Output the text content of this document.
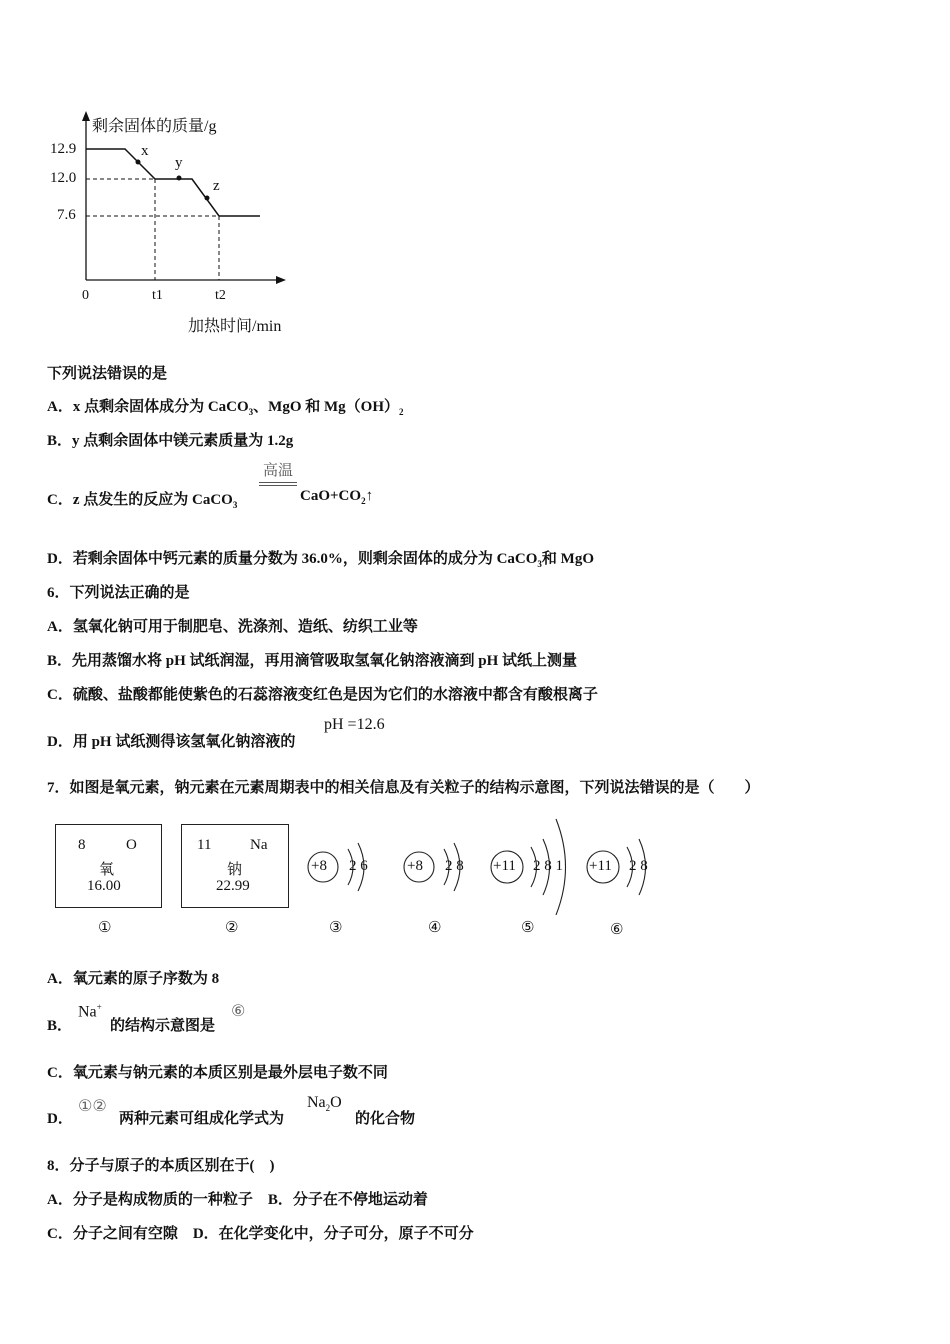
剩余固体的质量/g
12.9
12.0
7.6
x
y
z
0	t1	t2
加热时间/min
下列说法错误的是
A．x 点剩余固体成分为 CaCO$_3$、MgO 和 $Mg(OH)_2$
B．y 点剩余固体中镁元素质量为 1.2g
C．z 点发生的反应为 CaCO$_3$
高温
$CaO+CO_2↑$
D．若剩余固体中钙元素的质量分数为 36.0%，则剩余固体的成分为 CaCO$_3$和 MgO
6．下列说法正确的是
A．氢氧化钠可用于制肥皂、洗涤剂、造纸、纺织工业等
B．先用蒸馏水将 pH 试纸润湿，再用滴管吸取氢氧化钠溶液滴到 pH 试纸上测量
C．硫酸、盐酸都能使紫色的石蕊溶液变红色是因为它们的水溶液中都含有酸根离子
D．用 pH 试纸测得该氢氧化钠溶液的
pH =12.6
7．如图是氧元素，钠元素在元素周期表中的相关信息及有关粒子的结构示意图，下列说法错误的是（　　）
8	O
氧
16.00
11	Na
钠
22.99
+8 2 6	+8 2 8 +11 2 8 1 +11 2 8
①	②	③	④	⑤	⑥
A．氧元素的原子序数为 8
B．
Na+
的结构示意图是
⑥
C．氧元素与钠元素的本质区别是最外层电子数不同
D．
①②
两种元素可组成化学式为
$Na_2O$
的化合物
8．分子与原子的本质区别在于(　)
A．分子是构成物质的一种粒子　B．分子在不停地运动着
C．分子之间有空隙　D．在化学变化中，分子可分，原子不可分
